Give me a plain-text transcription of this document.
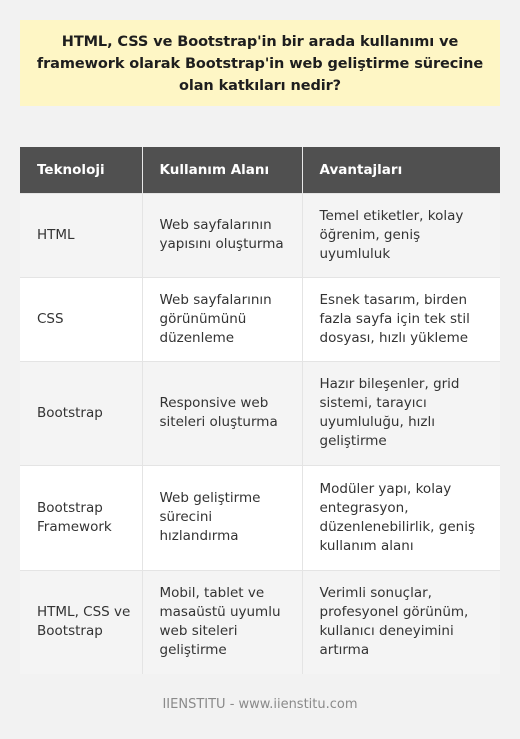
HTML, CSS ve Bootstrap'in bir arada kullanımı ve framework olarak Bootstrap'in web geliştirme sürecine olan katkıları nedir?
Teknoloji	Kullanım Alanı	Avantajları
HTML	Web sayfalarının yapısını oluşturma	Temel etiketler, kolay öğrenim, geniş uyumluluk
CSS	Web sayfalarının görünümünü düzenleme	Esnek tasarım, birden fazla sayfa için tek stil dosyası, hızlı yükleme
Bootstrap	Responsive web siteleri oluşturma	Hazır bileşenler, grid sistemi, tarayıcı uyumluluğu, hızlı geliştirme
Bootstrap Framework	Web geliştirme sürecini hızlandırma	Modüler yapı, kolay entegrasyon, düzenlenebilirlik, geniş kullanım alanı
HTML, CSS ve Bootstrap	Mobil, tablet ve masaüstü uyumlu web siteleri geliştirme	Verimli sonuçlar, profesyonel görünüm, kullanıcı deneyimini artırma
IIENSTITU - www.iienstitu.com
